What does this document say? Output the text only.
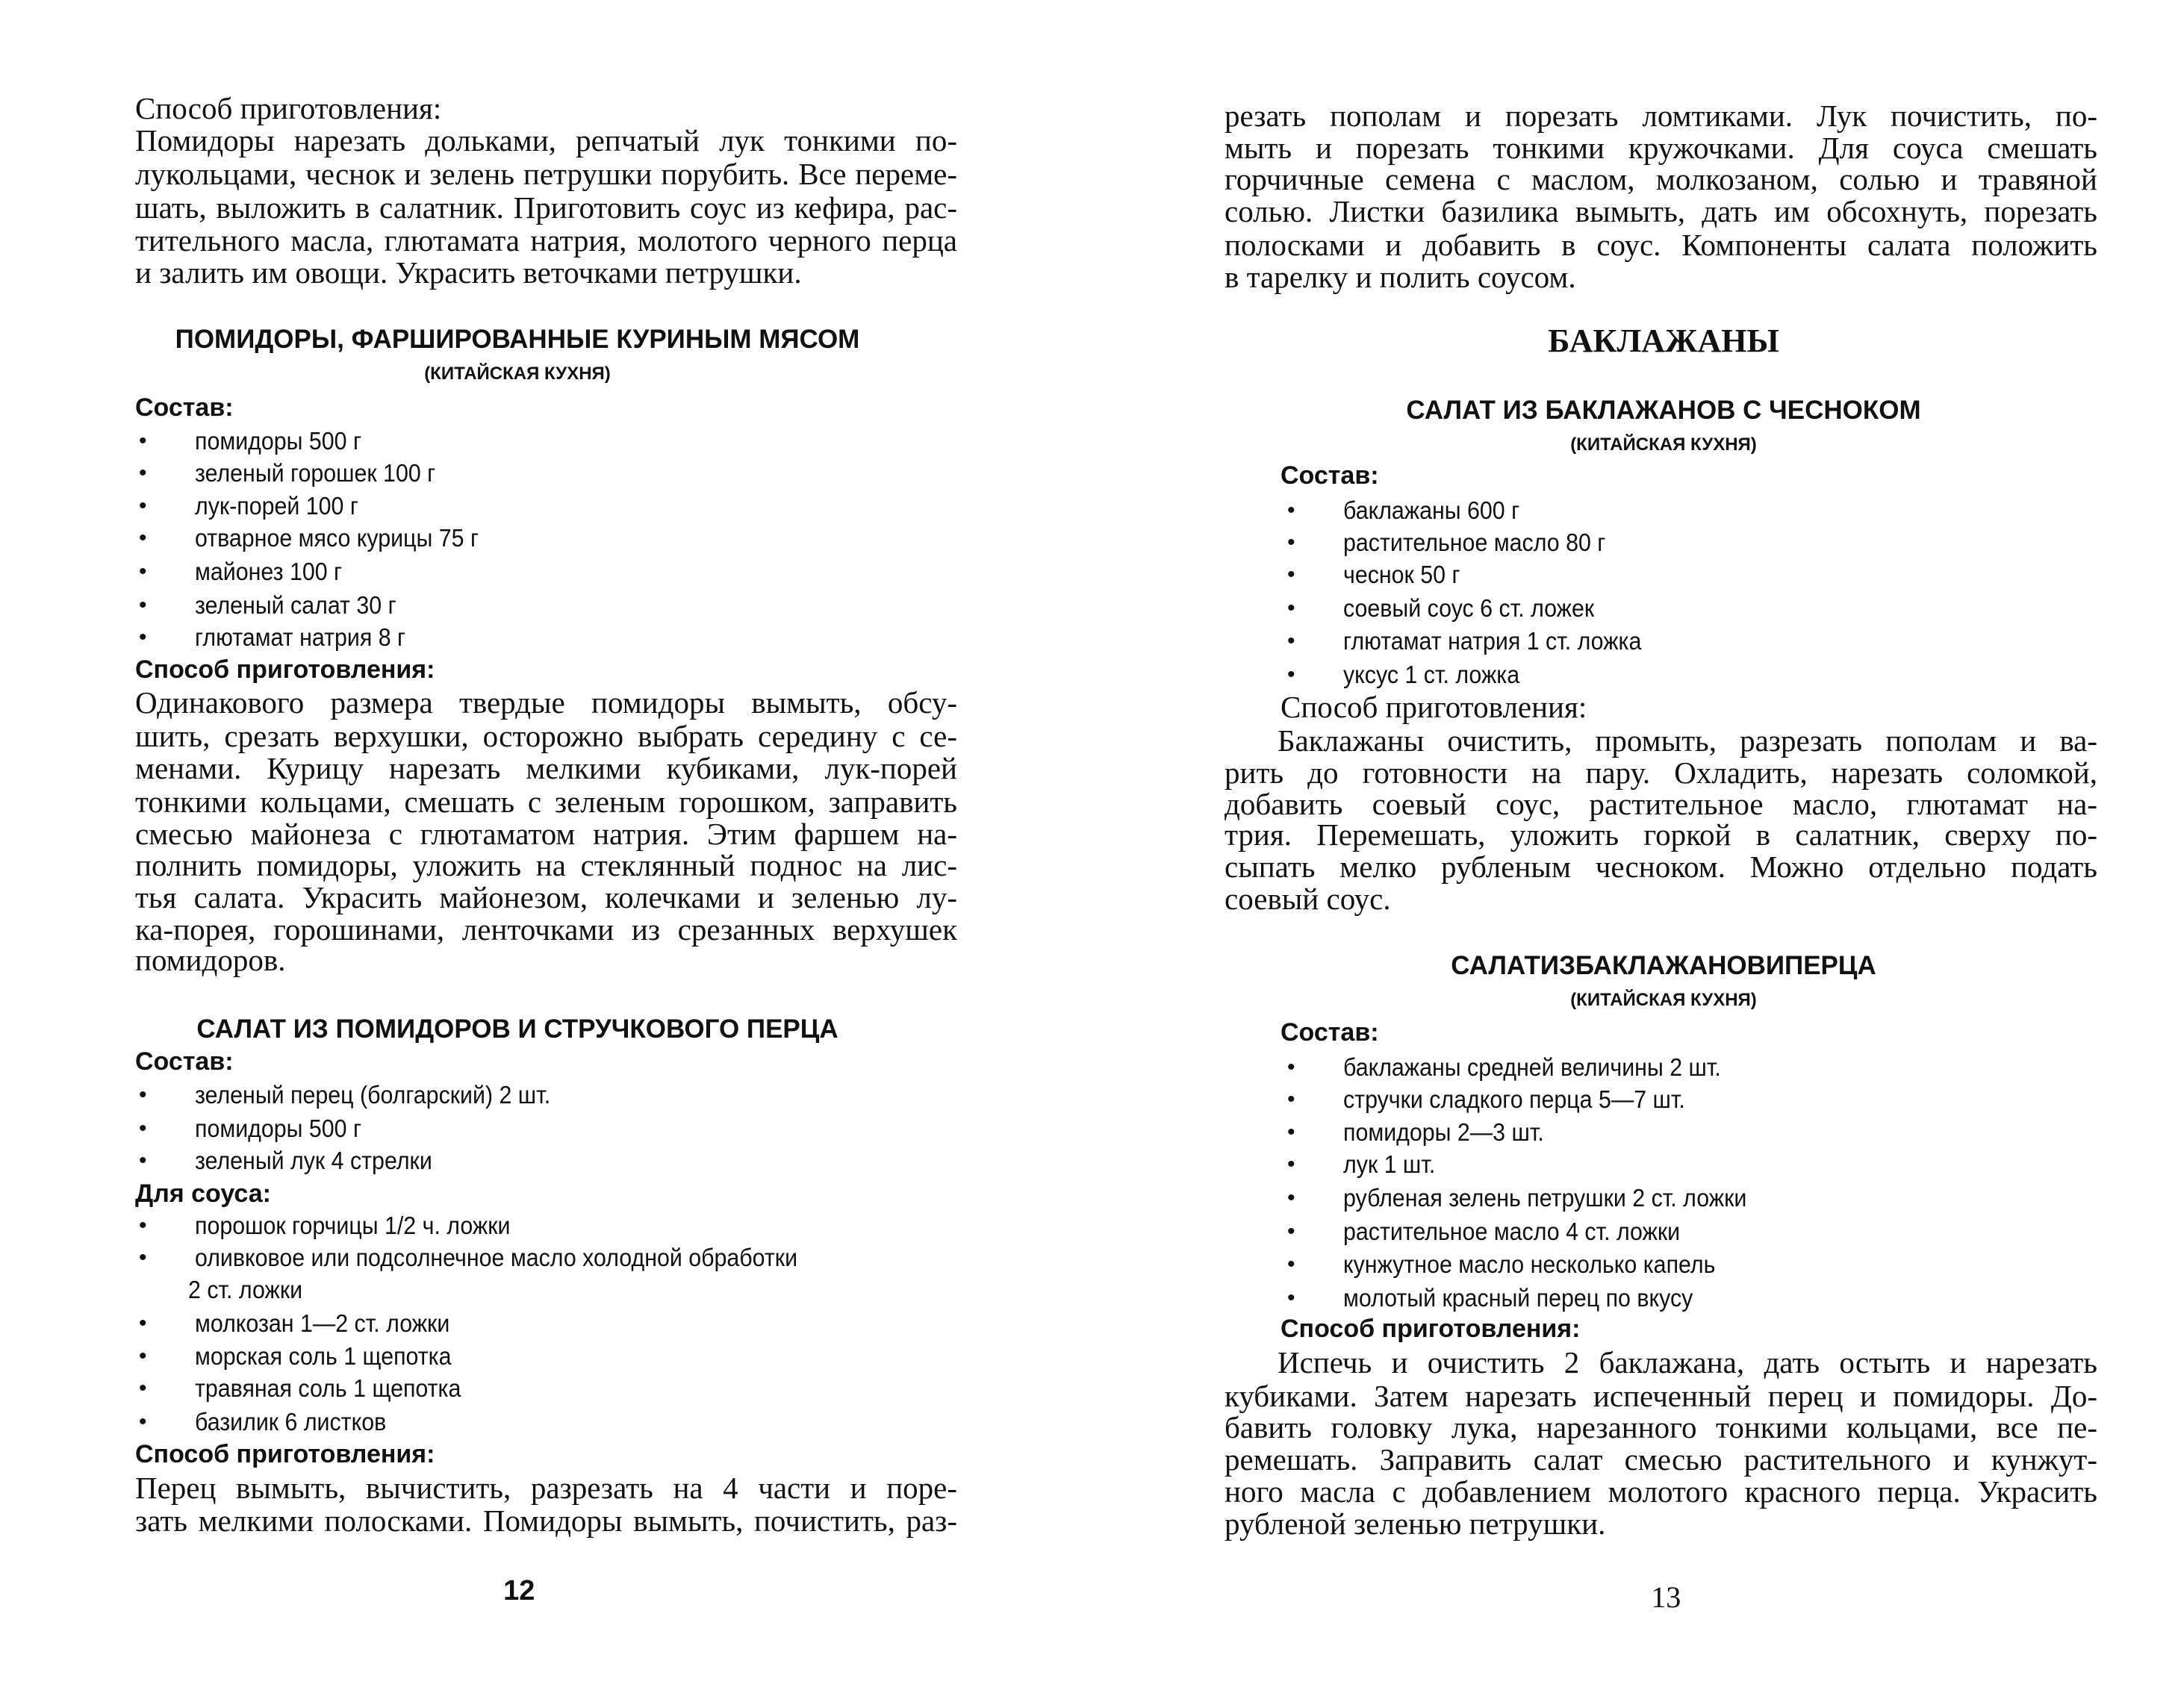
Способ приготовления:
Помидоры нарезать дольками, репчатый лук тонкими по-
лукольцами, чеснок и зелень петрушки порубить. Все переме-
шать, выложить в салатник. Приготовить соус из кефира, рас-
тительного масла, глютамата натрия, молотого черного перца
и залить им овощи. Украсить веточками петрушки.
ПОМИДОРЫ, ФАРШИРОВАННЫЕ КУРИНЫМ МЯСОМ
(КИТАЙСКАЯ КУХНЯ)
Состав:
• помидоры 500 г
• зеленый горошек 100 г
• лук-порей 100 г
• отварное мясо курицы 75 г
• майонез 100 г
• зеленый салат 30 г
• глютамат натрия 8 г
Способ приготовления:
Одинакового размера твердые помидоры вымыть, обсу-
шить, срезать верхушки, осторожно выбрать середину с се-
менами. Курицу нарезать мелкими кубиками, лук-порей
тонкими кольцами, смешать с зеленым горошком, заправить
смесью майонеза с глютаматом натрия. Этим фаршем на-
полнить помидоры, уложить на стеклянный поднос на лис-
тья салата. Украсить майонезом, колечками и зеленью лу-
ка-порея, горошинами, ленточками из срезанных верхушек
помидоров.
САЛАТ ИЗ ПОМИДОРОВ И СТРУЧКОВОГО ПЕРЦА
Состав:
• зеленый перец (болгарский) 2 шт.
• помидоры 500 г
• зеленый лук 4 стрелки
Для соуса:
• порошок горчицы 1/2 ч. ложки
• оливковое или подсолнечное масло холодной обработки
2 ст. ложки
• молкозан 1—2 ст. ложки
• морская соль 1 щепотка
• травяная соль 1 щепотка
• базилик 6 листков
Способ приготовления:
Перец вымыть, вычистить, разрезать на 4 части и поре-
зать мелкими полосками. Помидоры вымыть, почистить, раз-
12
резать пополам и порезать ломтиками. Лук почистить, по-
мыть и порезать тонкими кружочками. Для соуса смешать
горчичные семена с маслом, молкозаном, солью и травяной
солью. Листки базилика вымыть, дать им обсохнуть, порезать
полосками и добавить в соус. Компоненты салата положить
в тарелку и полить соусом.
БАКЛАЖАНЫ
САЛАТ ИЗ БАКЛАЖАНОВ С ЧЕСНОКОМ
(КИТАЙСКАЯ КУХНЯ)
Состав:
• баклажаны 600 г
• растительное масло 80 г
• чеснок 50 г
• соевый соус 6 ст. ложек
• глютамат натрия 1 ст. ложка
• уксус 1 ст. ложка
Способ приготовления:
Баклажаны очистить, промыть, разрезать пополам и ва-
рить до готовности на пару. Охладить, нарезать соломкой,
добавить соевый соус, растительное масло, глютамат на-
трия. Перемешать, уложить горкой в салатник, сверху по-
сыпать мелко рубленым чесноком. Можно отдельно подать
соевый соус.
САЛАТИЗБАКЛАЖАНОВИПЕРЦА
(КИТАЙСКАЯ КУХНЯ)
Состав:
• баклажаны средней величины 2 шт.
• стручки сладкого перца 5—7 шт.
• помидоры 2—3 шт.
• лук 1 шт.
• рубленая зелень петрушки 2 ст. ложки
• растительное масло 4 ст. ложки
• кунжутное масло несколько капель
• молотый красный перец по вкусу
Способ приготовления:
Испечь и очистить 2 баклажана, дать остыть и нарезать
кубиками. Затем нарезать испеченный перец и помидоры. До-
бавить головку лука, нарезанного тонкими кольцами, все пе-
ремешать. Заправить салат смесью растительного и кунжут-
ного масла с добавлением молотого красного перца. Украсить
рубленой зеленью петрушки.
13
